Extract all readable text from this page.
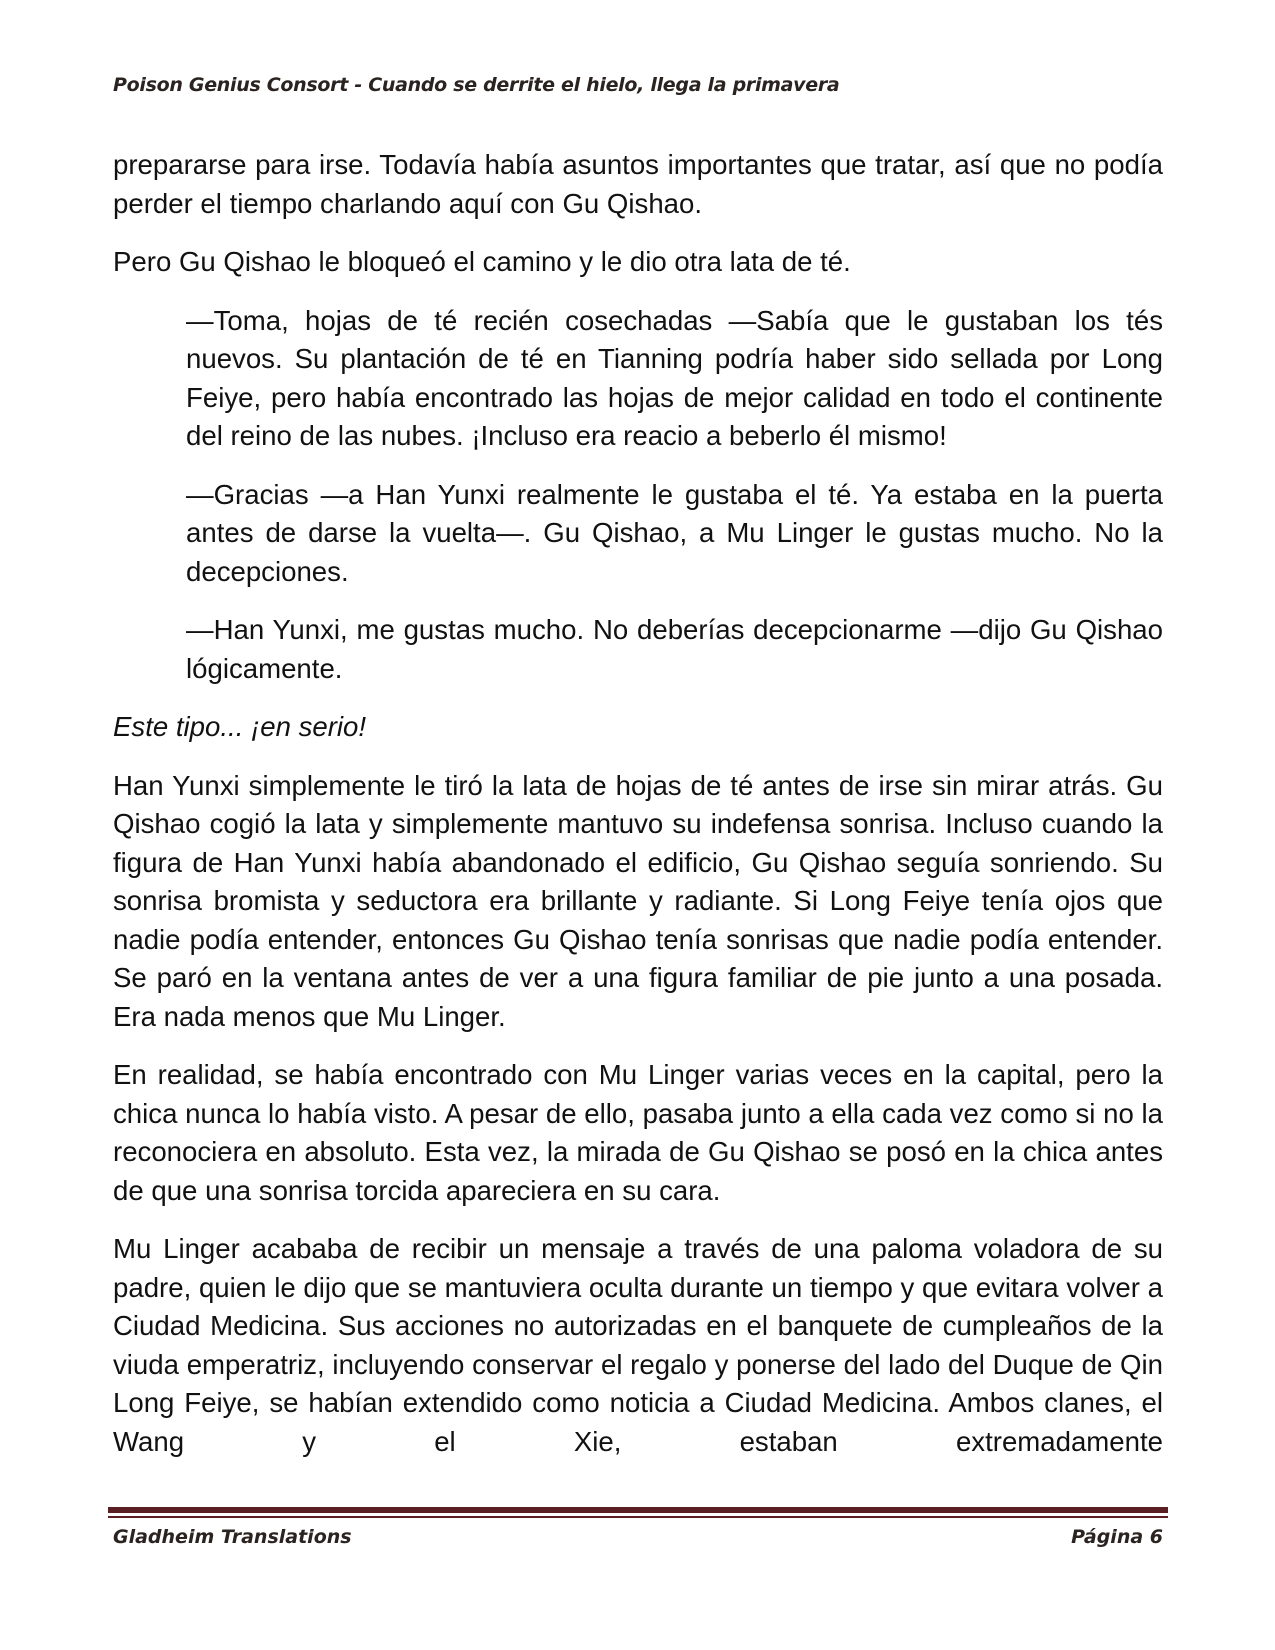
Poison Genius Consort - Cuando se derrite el hielo, llega la primavera

prepararse para irse. Todavía había asuntos importantes que tratar, así que no podía perder el tiempo charlando aquí con Gu Qishao.

Pero Gu Qishao le bloqueó el camino y le dio otra lata de té.

—Toma, hojas de té recién cosechadas —Sabía que le gustaban los tés nuevos. Su plantación de té en Tianning podría haber sido sellada por Long Feiye, pero había encontrado las hojas de mejor calidad en todo el continente del reino de las nubes. ¡Incluso era reacio a beberlo él mismo!

—Gracias —a Han Yunxi realmente le gustaba el té. Ya estaba en la puerta antes de darse la vuelta—. Gu Qishao, a Mu Linger le gustas mucho. No la decepciones.

—Han Yunxi, me gustas mucho. No deberías decepcionarme —dijo Gu Qishao lógicamente.

Este tipo... ¡en serio!

Han Yunxi simplemente le tiró la lata de hojas de té antes de irse sin mirar atrás. Gu Qishao cogió la lata y simplemente mantuvo su indefensa sonrisa. Incluso cuando la figura de Han Yunxi había abandonado el edificio, Gu Qishao seguía sonriendo. Su sonrisa bromista y seductora era brillante y radiante. Si Long Feiye tenía ojos que nadie podía entender, entonces Gu Qishao tenía sonrisas que nadie podía entender. Se paró en la ventana antes de ver a una figura familiar de pie junto a una posada. Era nada menos que Mu Linger.

En realidad, se había encontrado con Mu Linger varias veces en la capital, pero la chica nunca lo había visto. A pesar de ello, pasaba junto a ella cada vez como si no la reconociera en absoluto. Esta vez, la mirada de Gu Qishao se posó en la chica antes de que una sonrisa torcida apareciera en su cara.

Mu Linger acababa de recibir un mensaje a través de una paloma voladora de su padre, quien le dijo que se mantuviera oculta durante un tiempo y que evitara volver a Ciudad Medicina. Sus acciones no autorizadas en el banquete de cumpleaños de la viuda emperatriz, incluyendo conservar el regalo y ponerse del lado del Duque de Qin Long Feiye, se habían extendido como noticia a Ciudad Medicina. Ambos clanes, el Wang y el Xie, estaban extremadamente

Gladheim Translations	Página 6
